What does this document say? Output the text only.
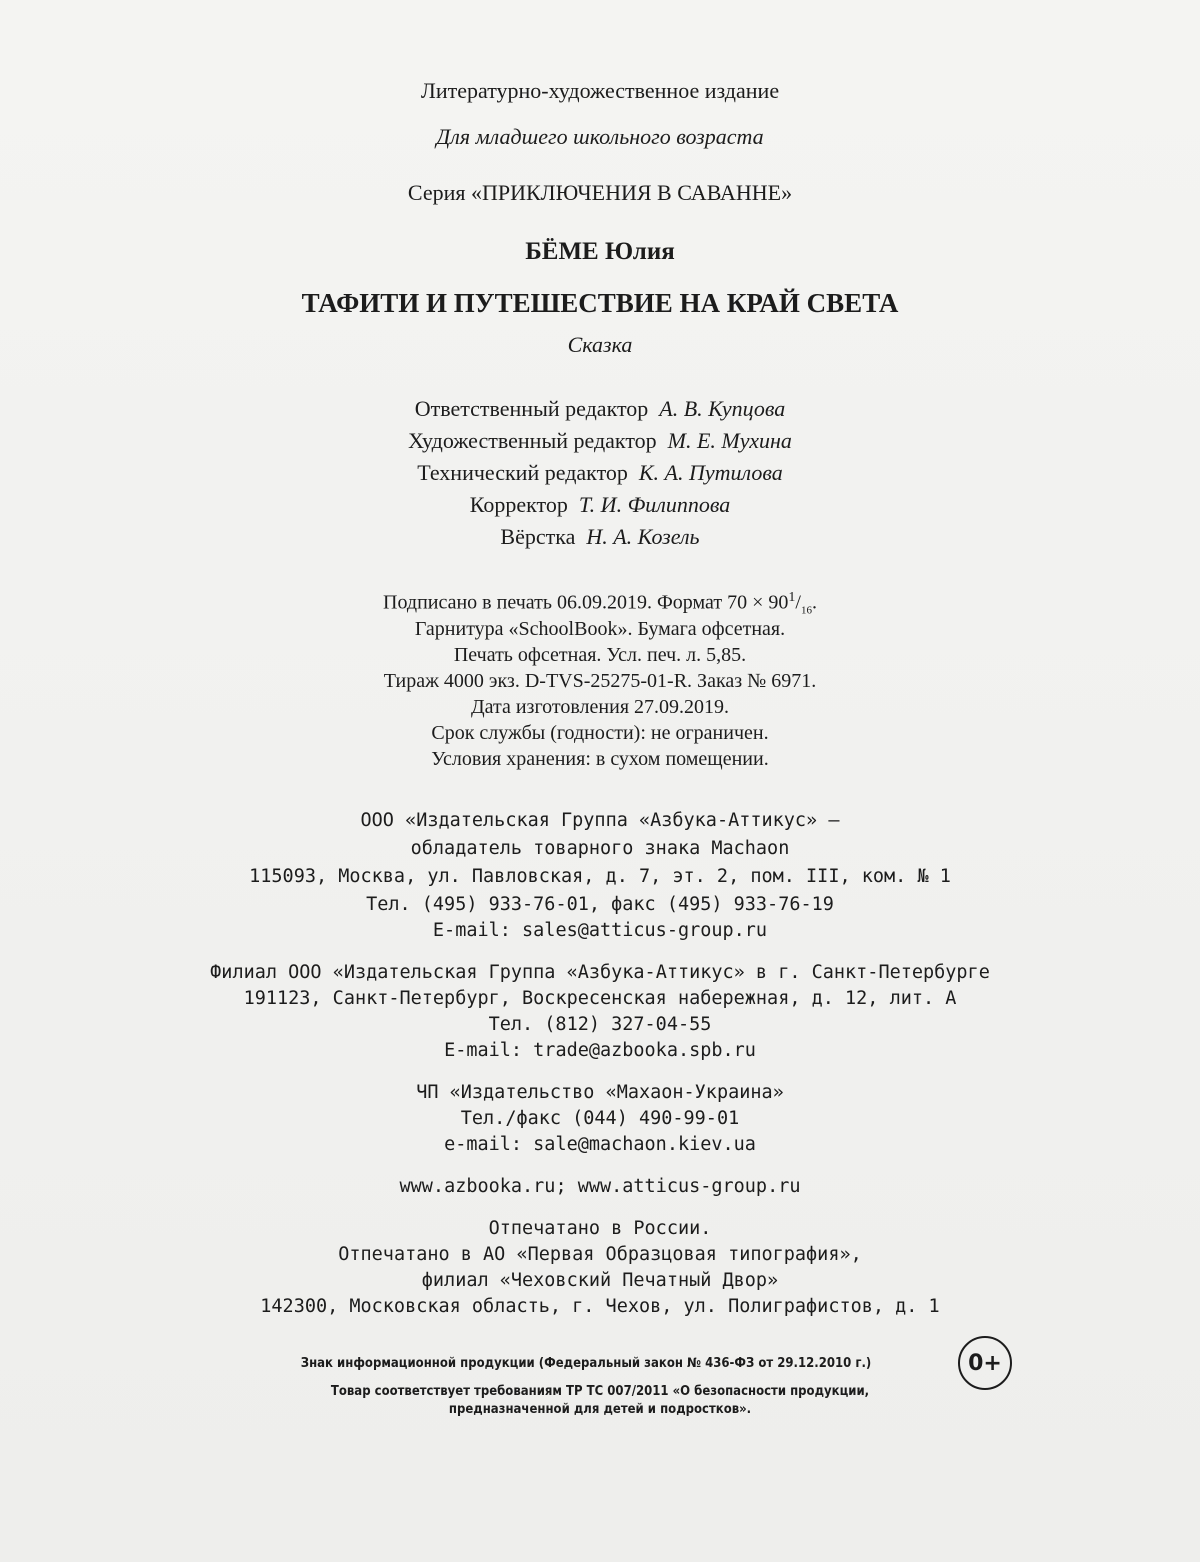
Литературно-художественное издание
Для младшего школьного возраста
Серия «ПРИКЛЮЧЕНИЯ В САВАННЕ»
БЁМЕ Юлия
ТАФИТИ И ПУТЕШЕСТВИЕ НА КРАЙ СВЕТА
Сказка
Ответственный редактор А. В. Купцова
Художественный редактор М. Е. Мухина
Технический редактор К. А. Путилова
Корректор Т. И. Филиппова
Вёрстка Н. А. Козель
Подписано в печать 06.09.2019. Формат $70 \times 90^1/_{16}$.
Гарнитура «SchoolBook». Бумага офсетная.
Печать офсетная. Усл. печ. л. 5,85.
Тираж 4000 экз. D-TVS-25275-01-R. Заказ № 6971.
Дата изготовления 27.09.2019.
Срок службы (годности): не ограничен.
Условия хранения: в сухом помещении.
ООО «Издательская Группа «Азбука-Аттикус» –
обладатель товарного знака Machaon
115093, Москва, ул. Павловская, д. 7, эт. 2, пом. III, ком. № 1
Тел. (495) 933-76-01, факс (495) 933-76-19
E-mail: sales@atticus-group.ru
Филиал ООО «Издательская Группа «Азбука-Аттикус» в г. Санкт-Петербурге
191123, Санкт-Петербург, Воскресенская набережная, д. 12, лит. А
Тел. (812) 327-04-55
E-mail: trade@azbooka.spb.ru
ЧП «Издательство «Махаон-Украина»
Тел./факс (044) 490-99-01
e-mail: sale@machaon.kiev.ua
www.azbooka.ru; www.atticus-group.ru
Отпечатано в России.
Отпечатано в АО «Первая Образцовая типография»,
филиал «Чеховский Печатный Двор»
142300, Московская область, г. Чехов, ул. Полиграфистов, д. 1
Знак информационной продукции (Федеральный закон № 436-ФЗ от 29.12.2010 г.)	0+
Товар соответствует требованиям ТР ТС 007/2011 «О безопасности продукции,
предназначенной для детей и подростков».
